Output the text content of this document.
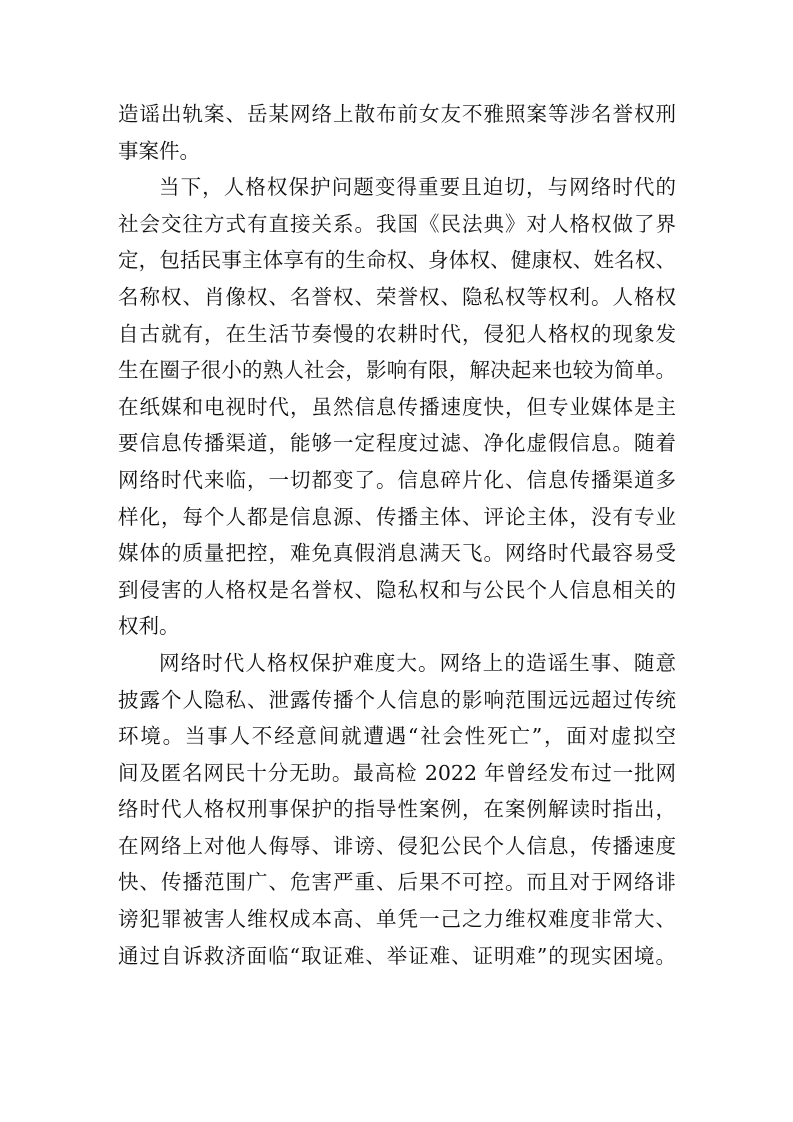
造谣出轨案、岳某网络上散布前女友不雅照案等涉名誉权刑
事案件。

当下，人格权保护问题变得重要且迫切，与网络时代的
社会交往方式有直接关系。我国《民法典》对人格权做了界
定，包括民事主体享有的生命权、身体权、健康权、姓名权、
名称权、肖像权、名誉权、荣誉权、隐私权等权利。人格权
自古就有，在生活节奏慢的农耕时代，侵犯人格权的现象发
生在圈子很小的熟人社会，影响有限，解决起来也较为简单。
在纸媒和电视时代，虽然信息传播速度快，但专业媒体是主
要信息传播渠道，能够一定程度过滤、净化虚假信息。随着
网络时代来临，一切都变了。信息碎片化、信息传播渠道多
样化，每个人都是信息源、传播主体、评论主体，没有专业
媒体的质量把控，难免真假消息满天飞。网络时代最容易受
到侵害的人格权是名誉权、隐私权和与公民个人信息相关的
权利。

网络时代人格权保护难度大。网络上的造谣生事、随意
披露个人隐私、泄露传播个人信息的影响范围远远超过传统
环境。当事人不经意间就遭遇“社会性死亡”，面对虚拟空
间及匿名网民十分无助。最高检 2022 年曾经发布过一批网
络时代人格权刑事保护的指导性案例，在案例解读时指出，
在网络上对他人侮辱、诽谤、侵犯公民个人信息，传播速度
快、传播范围广、危害严重、后果不可控。而且对于网络诽
谤犯罪被害人维权成本高、单凭一己之力维权难度非常大、
通过自诉救济面临“取证难、举证难、证明难”的现实困境。
